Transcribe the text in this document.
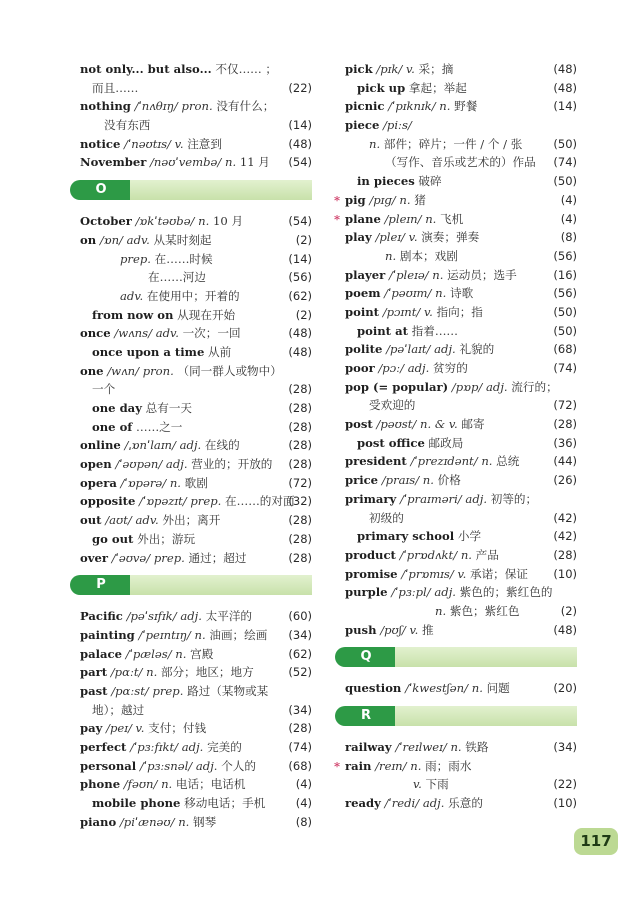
not only... but also... 不仅…… ；
而且……	(22)
nothing /ˈnʌθɪŋ/ pron. 没有什么；
没有东西	(14)
notice /ˈnəʊtɪs/ v. 注意到	(48)
November /nəʊˈvembə/ n. 11 月 (54)
O
October /ɒkˈtəʊbə/ n. 10 月	(54)
on /ɒn/ adv. 从某时刻起	(2)
prep. 在……时候	(14)
在……河边	(56)
adv. 在使用中；开着的	(62)
from now on 从现在开始	(2)
once /wʌns/ adv. 一次；一回	(48)
once upon a time 从前	(48)
one /wʌn/ pron. （同一群人或物中）
一个	(28)
one day 总有一天	(28)
one of ……之一	(28)
online /ˌɒnˈlaɪn/ adj. 在线的	(28)
open /ˈəʊpən/ adj. 营业的；开放的 (28)
opera /ˈɒpərə/ n. 歌剧	(72)
opposite /ˈɒpəzɪt/ prep. 在……的对面
(32)
out /aʊt/ adv. 外出；离开	(28)
go out 外出；游玩	(28)
over /ˈəʊvə/ prep. 通过；超过	(28)
P
Pacific /pəˈsɪfɪk/ adj. 太平洋的	(60)
painting /ˈpeɪntɪŋ/ n. 油画；绘画 (34)
palace /ˈpæləs/ n. 宫殿	(62)
part /pɑːt/ n. 部分；地区；地方	(52)
past /pɑːst/ prep. 路过（某物或某
地）；越过	(34)
pay /peɪ/ v. 支付；付钱	(28)
perfect /ˈpɜːfɪkt/ adj. 完美的	(74)
personal /ˈpɜːsnəl/ adj. 个人的	(68)
phone /fəʊn/ n. 电话；电话机	(4)
mobile phone 移动电话；手机	(4)
piano /piˈænəʊ/ n. 钢琴	(8)
pick /pɪk/ v. 采；摘	(48)
pick up 拿起；举起	(48)
picnic /ˈpɪknɪk/ n. 野餐	(14)
piece /piːs/
n. 部件；碎片；一件 / 个 / 张	(50)
（写作、音乐或艺术的）作品 (74)
in pieces 破碎	(50)
* pig /pɪɡ/ n. 猪	(4)
* plane /pleɪn/ n. 飞机	(4)
play /pleɪ/ v. 演奏；弹奏	(8)
n. 剧本；戏剧	(56)
player /ˈpleɪə/ n. 运动员；选手	(16)
poem /ˈpəʊɪm/ n. 诗歌	(56)
point /pɔɪnt/ v. 指向；指	(50)
point at 指着……	(50)
polite /pəˈlaɪt/ adj. 礼貌的	(68)
poor /pɔː/ adj. 贫穷的	(74)
pop (= popular) /pɒp/ adj. 流行的；
受欢迎的	(72)
post /pəʊst/ n. & v. 邮寄	(28)
post office 邮政局	(36)
president /ˈprezɪdənt/ n. 总统	(44)
price /praɪs/ n. 价格	(26)
primary /ˈpraɪməri/ adj. 初等的；
初级的	(42)
primary school 小学	(42)
product /ˈprɒdʌkt/ n. 产品	(28)
promise /ˈprɒmɪs/ v. 承诺；保证 (10)
purple /ˈpɜːpl/ adj. 紫色的；紫红色的
n. 紫色；紫红色	(2)
push /pʊʃ/ v. 推	(48)
Q
question /ˈkwestʃən/ n. 问题	(20)
R
railway /ˈreɪlweɪ/ n. 铁路	(34)
* rain /reɪn/ n. 雨；雨水
v. 下雨	(22)
ready /ˈredi/ adj. 乐意的	(10)
117
